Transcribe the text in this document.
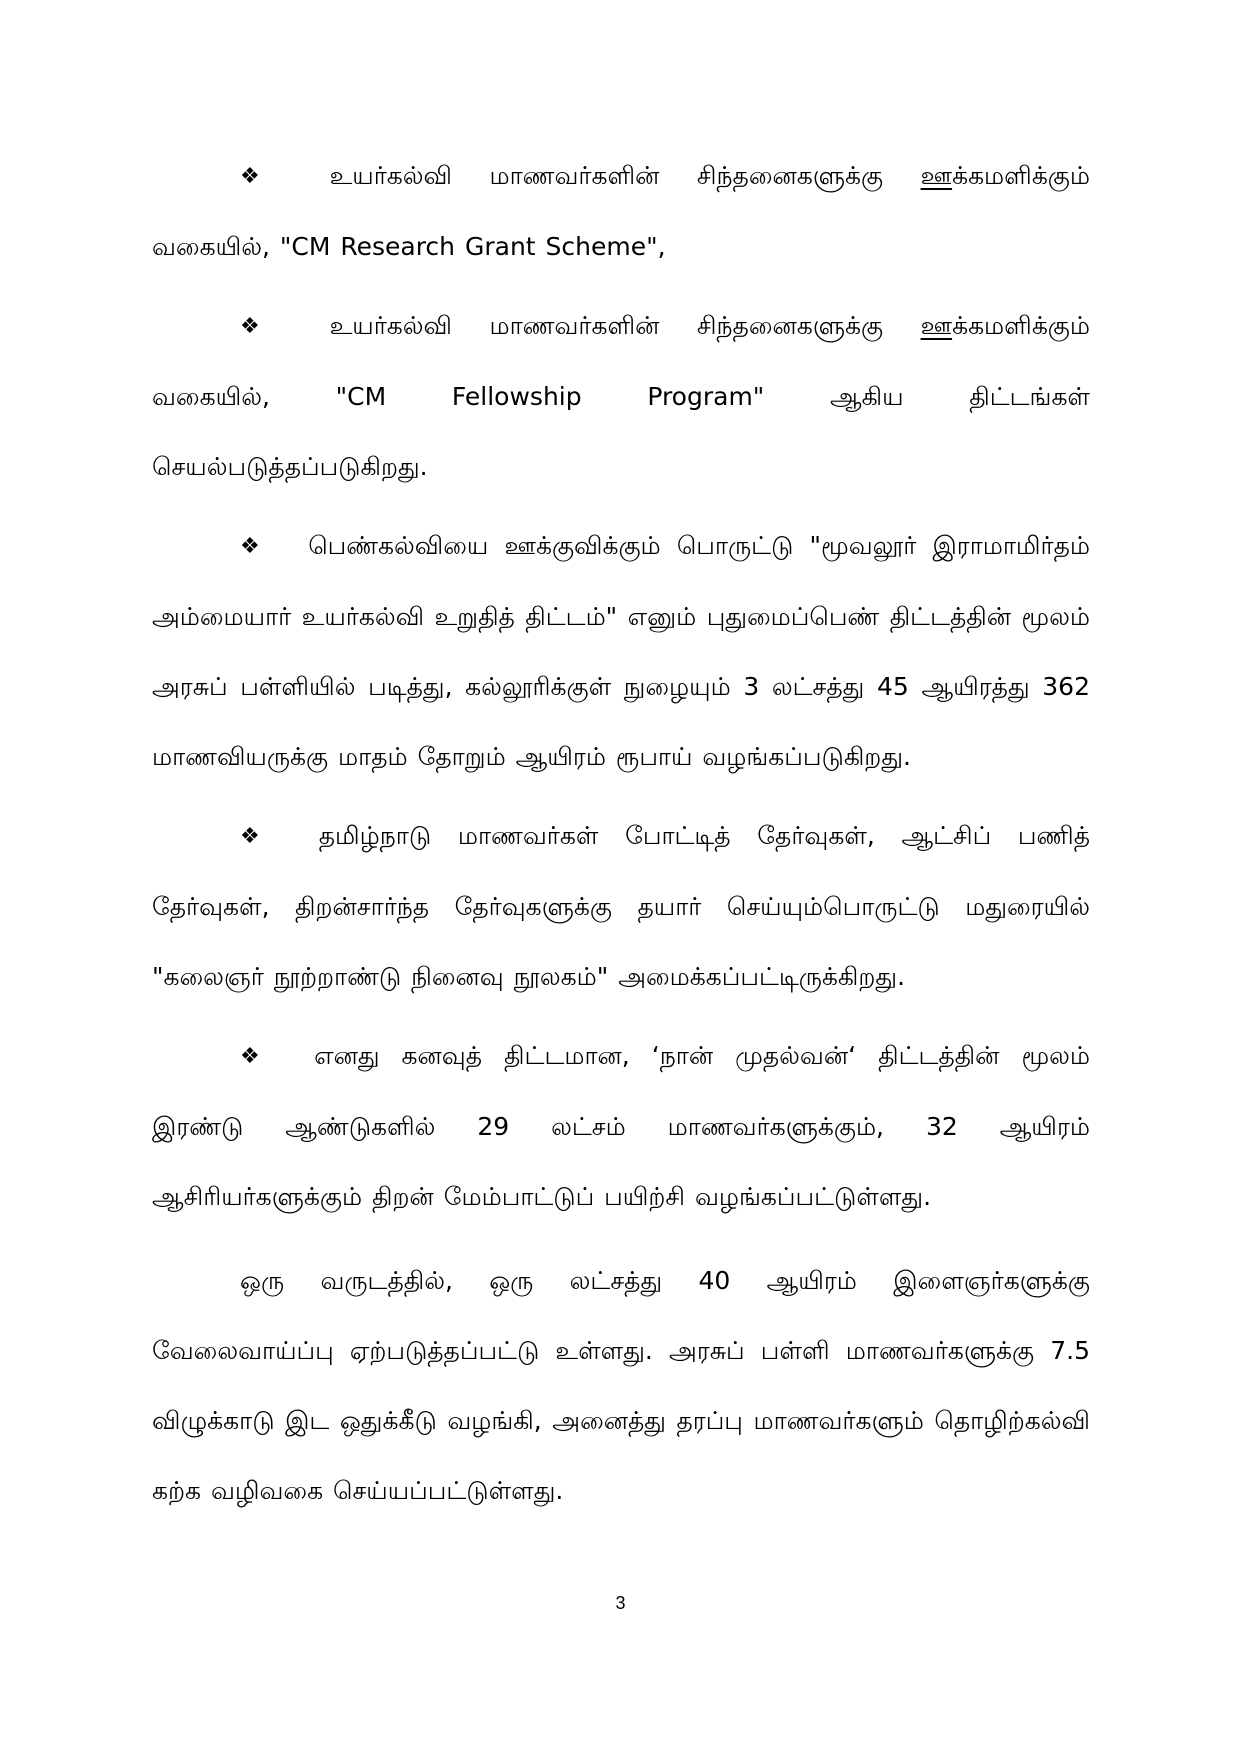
❖	உயர்கல்வி மாணவர்களின் சிந்தனைகளுக்கு ஊக்கமளிக்கும் வகையில், "CM Research Grant Scheme",

❖	உயர்கல்வி மாணவர்களின் சிந்தனைகளுக்கு ஊக்கமளிக்கும் வகையில், "CM Fellowship Program" ஆகிய திட்டங்கள் செயல்படுத்தப்படுகிறது.

❖ பெண்கல்வியை ஊக்குவிக்கும் பொருட்டு "மூவலூர் இராமாமிர்தம் அம்மையார் உயர்கல்வி உறுதித் திட்டம்" எனும் புதுமைப்பெண் திட்டத்தின் மூலம் அரசுப் பள்ளியில் படித்து, கல்லூரிக்குள் நுழையும் 3 லட்சத்து 45 ஆயிரத்து 362 மாணவியருக்கு மாதம் தோறும் ஆயிரம் ரூபாய் வழங்கப்படுகிறது.

❖ தமிழ்நாடு மாணவர்கள் போட்டித் தேர்வுகள், ஆட்சிப் பணித் தேர்வுகள், திறன்சார்ந்த தேர்வுகளுக்கு தயார் செய்யும்பொருட்டு மதுரையில் "கலைஞர் நூற்றாண்டு நினைவு நூலகம்" அமைக்கப்பட்டிருக்கிறது.

❖ எனது கனவுத் திட்டமான, ‘நான் முதல்வன்‘ திட்டத்தின் மூலம் இரண்டு ஆண்டுகளில் 29 லட்சம் மாணவர்களுக்கும், 32 ஆயிரம் ஆசிரியர்களுக்கும் திறன் மேம்பாட்டுப் பயிற்சி வழங்கப்பட்டுள்ளது.

ஒரு வருடத்தில், ஒரு லட்சத்து 40 ஆயிரம் இளைஞர்களுக்கு வேலைவாய்ப்பு ஏற்படுத்தப்பட்டு உள்ளது. அரசுப் பள்ளி மாணவர்களுக்கு 7.5 விழுக்காடு இட ஒதுக்கீடு வழங்கி, அனைத்து தரப்பு மாணவர்களும் தொழிற்கல்வி கற்க வழிவகை செய்யப்பட்டுள்ளது.

3
